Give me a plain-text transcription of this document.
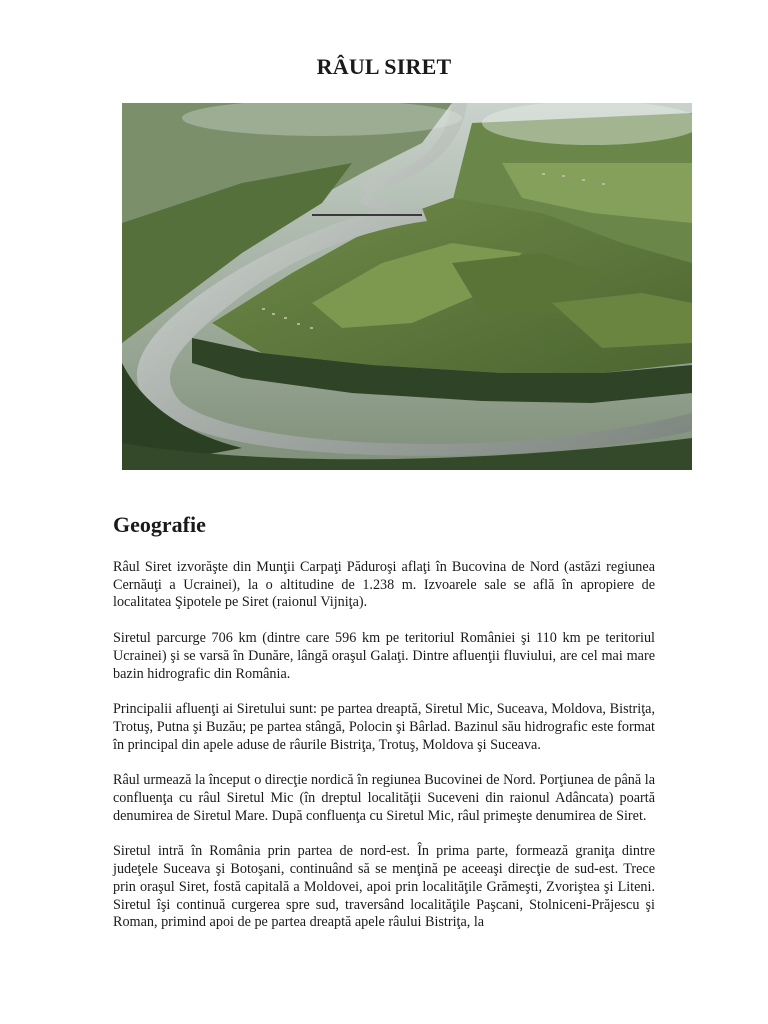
RÂUL SIRET
Geografie

Râul Siret izvorăşte din Munţii Carpaţi Păduroşi aflaţi în Bucovina de Nord (astăzi regiunea Cernăuţi a Ucrainei), la o altitudine de 1.238 m. Izvoarele sale se află în apropiere de localitatea Şipotele pe Siret (raionul Vijniţa).

Siretul parcurge 706 km (dintre care 596 km pe teritoriul României şi 110 km pe teritoriul Ucrainei) şi se varsă în Dunăre, lângă oraşul Galaţi. Dintre afluenţii fluviului, are cel mai mare bazin hidrografic din România.

Principalii afluenţi ai Siretului sunt: pe partea dreaptă, Siretul Mic, Suceava, Moldova, Bistriţa, Trotuş, Putna şi Buzău; pe partea stângă, Polocin şi Bârlad. Bazinul său hidrografic este format în principal din apele aduse de râurile Bistriţa, Trotuş, Moldova şi Suceava.

Râul urmează la început o direcţie nordică în regiunea Bucovinei de Nord. Porţiunea de până la confluenţa cu râul Siretul Mic (în dreptul localităţii Suceveni din raionul Adâncata) poartă denumirea de Siretul Mare. După confluenţa cu Siretul Mic, râul primeşte denumirea de Siret.

Siretul intră în România prin partea de nord-est. În prima parte, formează graniţa dintre judeţele Suceava şi Botoşani, continuând să se menţină pe aceeaşi direcţie de sud-est. Trece prin oraşul Siret, fostă capitală a Moldovei, apoi prin localităţile Grămeşti, Zvoriştea şi Liteni. Siretul îşi continuă curgerea spre sud, traversând localităţile Paşcani, Stolniceni-Prăjescu şi Roman, primind apoi de pe partea dreaptă apele râului Bistriţa, la
